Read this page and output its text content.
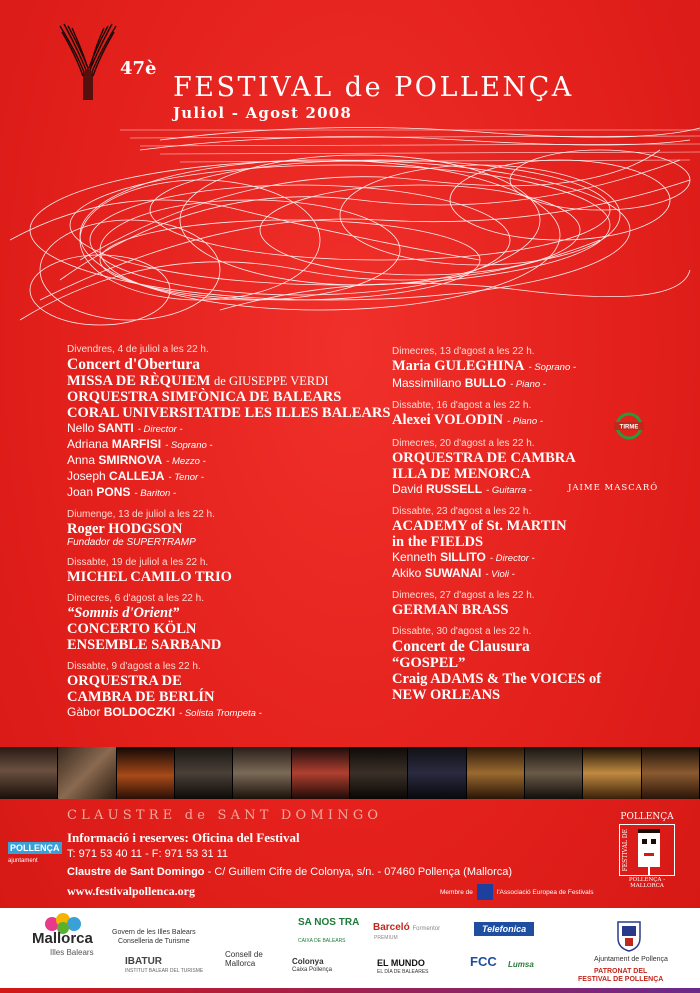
47è
FESTIVAL de POLLENÇA
Juliol - Agost 2008
Divendres, 4 de juliol a les 22 h.
Concert d'Obertura
MISSA DE RÈQUIEM de GIUSEPPE VERDI
ORQUESTRA SIMFÒNICA DE BALEARS
CORAL UNIVERSITATDE LES ILLES BALEARS
Nello SANTI - Director -
Adriana MARFISI - Soprano -
Anna SMIRNOVA - Mezzo -
Joseph CALLEJA - Tenor -
Joan PONS - Bariton -
Diumenge, 13 de juliol a les 22 h.
Roger HODGSON
Fundador de SUPERTRAMP
Dissabte, 19 de juliol a les 22 h.
MICHEL CAMILO TRIO
Dimecres, 6 d'agost a les 22 h.
“Somnis d'Orient”
CONCERTO KÖLN
ENSEMBLE SARBAND
Dissabte, 9 d'agost a les 22 h.
ORQUESTRA DE
CAMBRA DE BERLÍN
Gàbor BOLDOCZKI - Solista Trompeta -
Dimecres, 13 d'agost a les 22 h.
Maria GULEGHINA - Soprano -
Massimiliano BULLO - Piano -
Dissabte, 16 d'agost a les 22 h.
Alexei VOLODIN - Piano -
Dimecres, 20 d'agost a les 22 h.
ORQUESTRA DE CAMBRA
ILLA DE MENORCA
David RUSSELL - Guitarra -
Dissabte, 23 d'agost a les 22 h.
ACADEMY of St. MARTIN
in the FIELDS
Kenneth SILLITO - Director -
Akiko SUWANAI - Violi -
Dimecres, 27 d'agost a les 22 h.
GERMAN BRASS
Dissabte, 30 d'agost a les 22 h.
Concert de Clausura
“GOSPEL”
Craig ADAMS & The VOICES of
NEW ORLEANS
TIRME
JAIME MASCARÓ
CLAUSTRE de SANT DOMINGO
Informació i reserves: Oficina del Festival
T: 971 53 40 11 - F: 971 53 31 11
Claustre de Sant Domingo - C/ Guillem Cifre de Colonya, s/n. - 07460 Pollença (Mallorca)
www.festivalpollenca.org
POLLENÇA
ajuntament
Membre de	l'Associació Europea de Festivals
POLLENÇA
FESTIVAL DE
POLLENÇA - MALLORCA
Mallorca
Illes Balears
Govern de les Illes Balears
Conselleria de Turisme
IBATUR
INSTITUT BALEAR DEL TURISME
Consell de
Mallorca
SA NOS TRA
CAIXA DE BALEARS
Colonya
Caixa Pollença
Barceló Formentor
PREMIUM
EL MUNDO
EL DÍA DE BALEARES
Telefonica
FCC Lumsa
Ajuntament de Pollença
PATRONAT DEL
FESTIVAL DE POLLENÇA
